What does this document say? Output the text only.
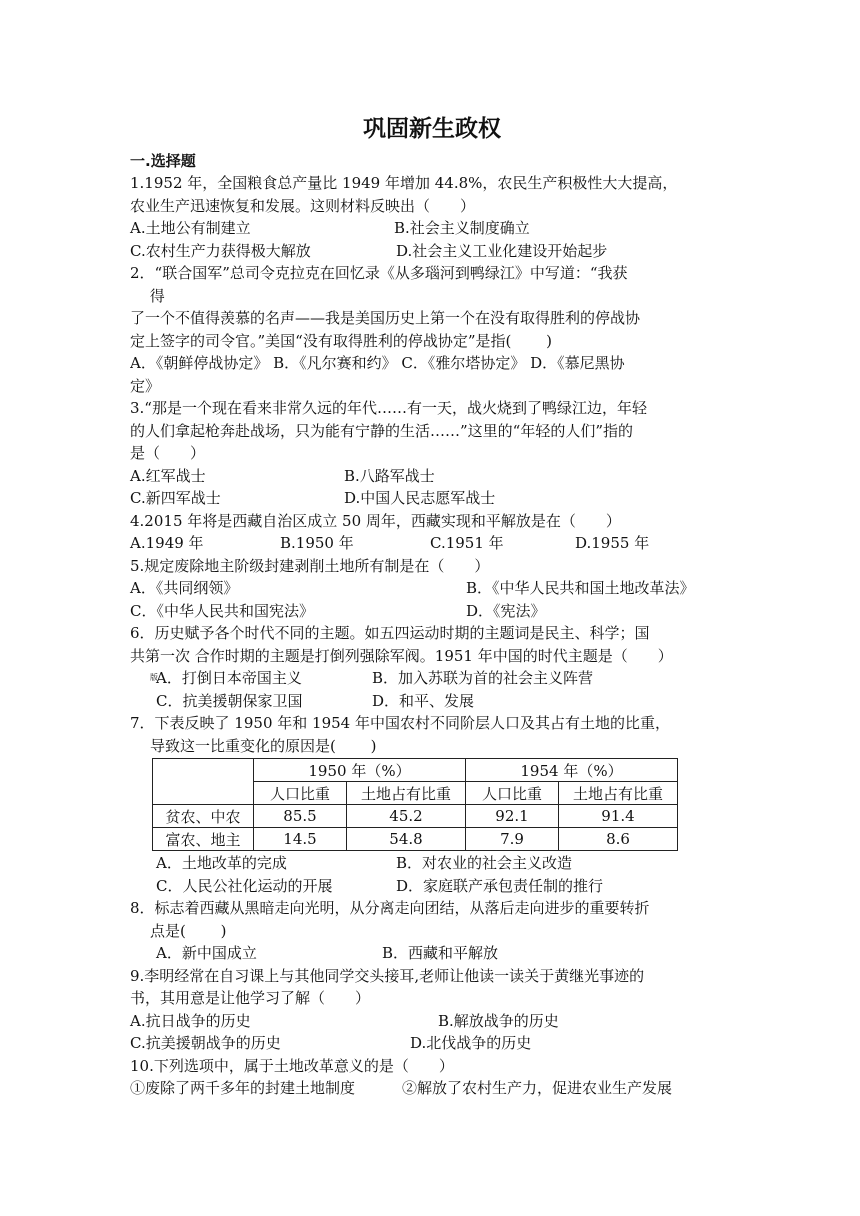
巩固新生政权
一.选择题
1.1952 年，全国粮食总产量比 1949 年增加 44.8%，农民生产积极性大大提高，
农业生产迅速恢复和发展。这则材料反映出（　　）
A.土地公有制建立	B.社会主义制度确立
C.农村生产力获得极大解放	D.社会主义工业化建设开始起步
2．“联合国军”总司令克拉克在回忆录《从多瑙河到鸭绿江》中写道：“我获
　 得
了一个不值得羡慕的名声——我是美国历史上第一个在没有取得胜利的停战协
定上签字的司令官。”美国“没有取得胜利的停战协定”是指(　　 )
A．《朝鲜停战协定》 B．《凡尔赛和约》 C．《雅尔塔协定》 D．《慕尼黑协
定》
3.“那是一个现在看来非常久远的年代……有一天，战火烧到了鸭绿江边，年轻
的人们拿起枪奔赴战场，只为能有宁静的生活……”这里的“年轻的人们”指的
是（　　）
A.红军战士	B.八路军战士
C.新四军战士	D.中国人民志愿军战士
4.2015 年将是西藏自治区成立 50 周年，西藏实现和平解放是在（　　）
A.1949 年	B.1950 年	C.1951 年	D.1955 年
5.规定废除地主阶级封建剥削土地所有制是在（　　）
A．《共同纲领》	B．《中华人民共和国土地改革法》
C．《中华人民共和国宪法》	D．《宪法》
6．历史赋予各个时代不同的主题。如五四运动时期的主题词是民主、科学；国
共第一次 合作时期的主题是打倒列强除军阀。1951 年中国的时代主题是（　　）
版
A．打倒日本帝国主义	B．加入苏联为首的社会主义阵营
C．抗美援朝保家卫国	D．和平、发展
7．下表反映了 1950 年和 1954 年中国农村不同阶层人口及其占有土地的比重，
导致这一比重变化的原因是(　　 )
	1950 年（%）		1954 年（%）	
	人口比重	土地占有比重	人口比重	土地占有比重
贫农、中农	85.5	45.2	92.1	91.4
富农、地主	14.5	54.8	7.9	8.6
A．土地改革的完成	B．对农业的社会主义改造
C．人民公社化运动的开展	D．家庭联产承包责任制的推行
8．标志着西藏从黑暗走向光明，从分离走向团结，从落后走向进步的重要转折
点是(　　 )
A．新中国成立	B．西藏和平解放
9.李明经常在自习课上与其他同学交头接耳,老师让他读一读关于黄继光事迹的
书，其用意是让他学习了解（　　）
A.抗日战争的历史	B.解放战争的历史
C.抗美援朝战争的历史	D.北伐战争的历史
10.下列选项中，属于土地改革意义的是（　　）
①废除了两千多年的封建土地制度	②解放了农村生产力，促进农业生产发展
